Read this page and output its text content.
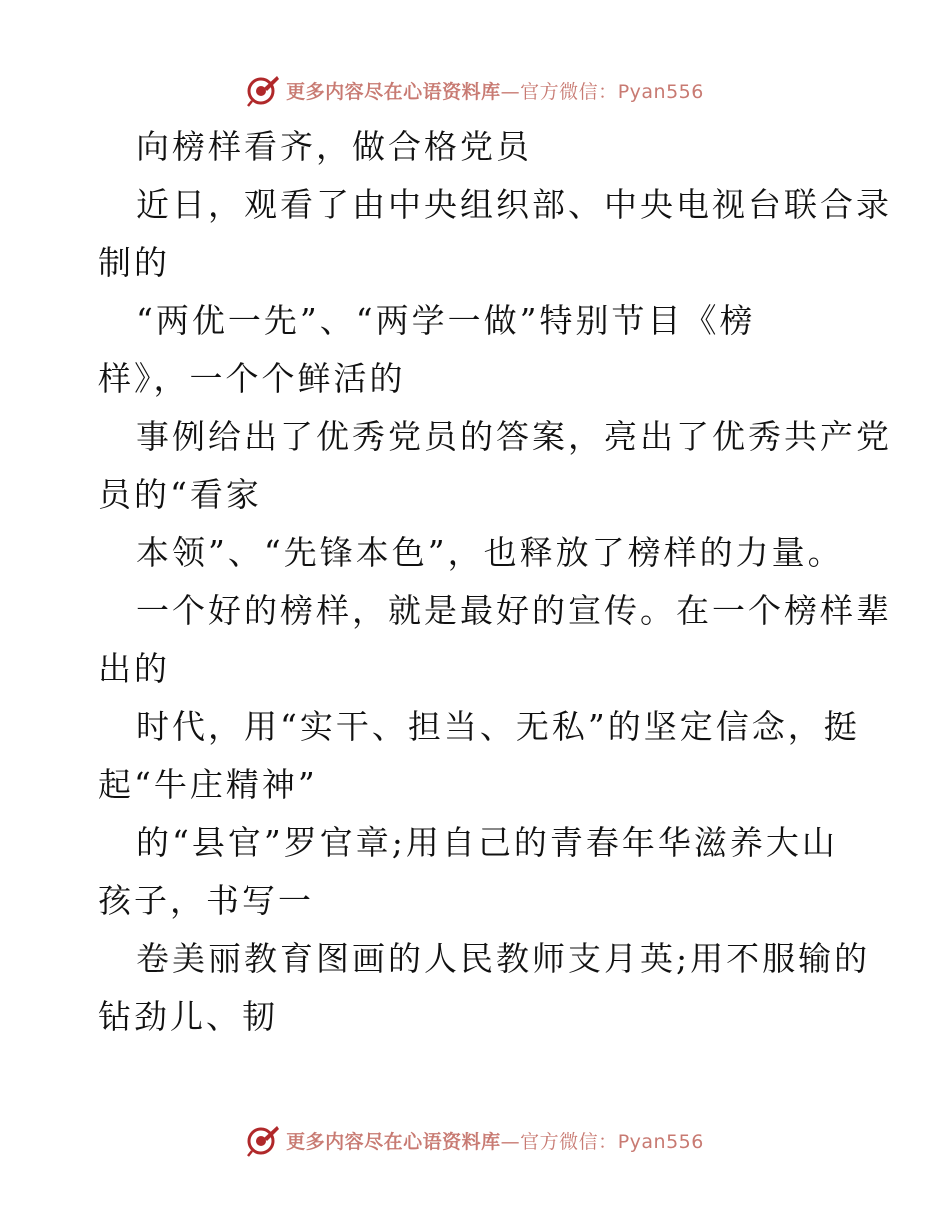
更多内容尽在心语资料库—官方微信：Pyan556
向榜样看齐，做合格党员
近日，观看了由中央组织部、中央电视台联合录
制的
“两优一先”、“两学一做”特别节目《榜
样》，一个个鲜活的
事例给出了优秀党员的答案，亮出了优秀共产党
员的“看家
本领”、“先锋本色”，也释放了榜样的力量。
一个好的榜样，就是最好的宣传。在一个榜样辈
出的
时代，用“实干、担当、无私”的坚定信念，挺
起“牛庄精神”
的“县官”罗官章;用自己的青春年华滋养大山
孩子，书写一
卷美丽教育图画的人民教师支月英;用不服输的
钻劲儿、韧
更多内容尽在心语资料库—官方微信：Pyan556
